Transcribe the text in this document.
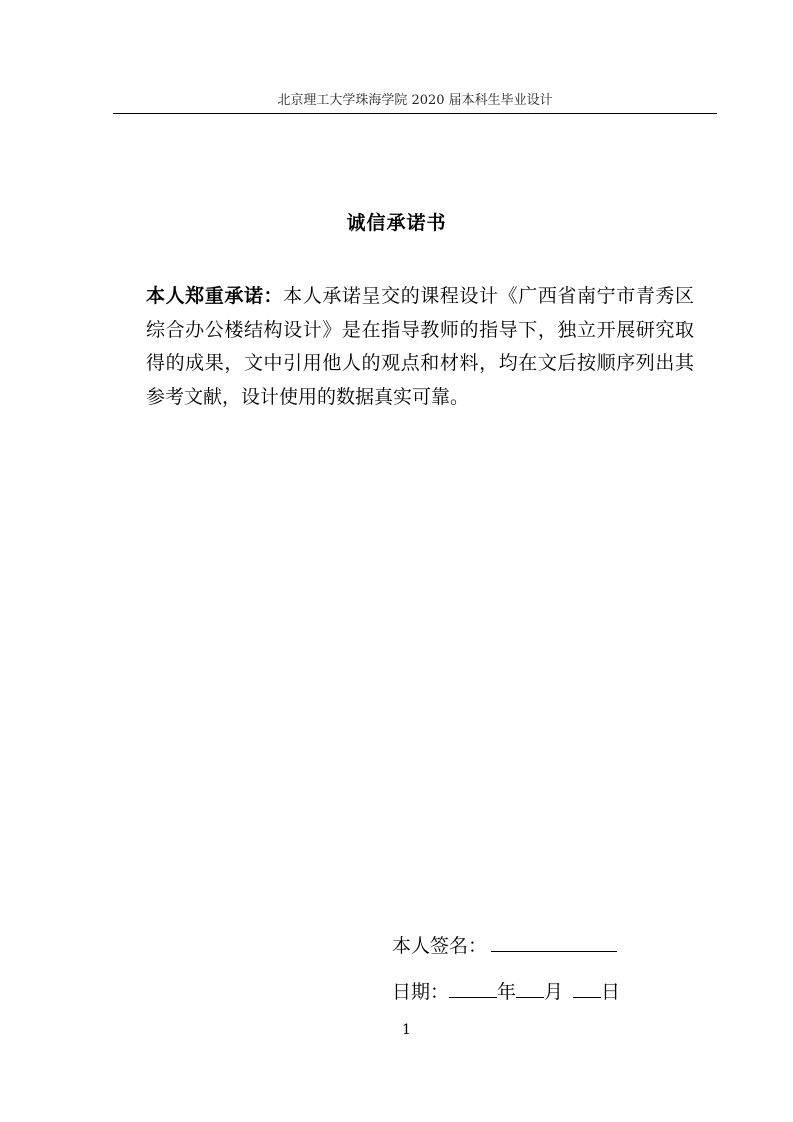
北京理工大学珠海学院 2020 届本科生毕业设计
诚信承诺书
本人郑重承诺：本人承诺呈交的课程设计《广西省南宁市青秀区综合办公楼结构设计》是在指导教师的指导下，独立开展研究取得的成果，文中引用他人的观点和材料，均在文后按顺序列出其参考文献，设计使用的数据真实可靠。
本人签名：
日期：	年 月 日
1
